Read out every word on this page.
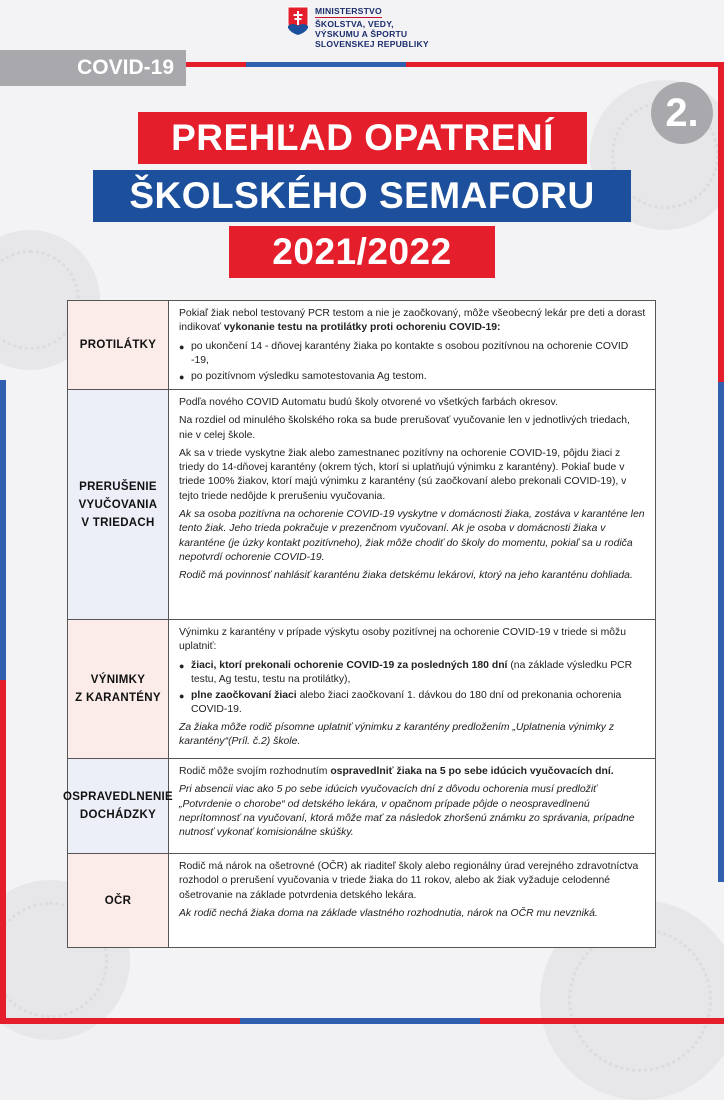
MINISTERSTVO
ŠKOLSTVA, VEDY,
VÝSKUMU A ŠPORTU
SLOVENSKEJ REPUBLIKY
COVID-19
2.
PREHĽAD OPATRENÍ
ŠKOLSKÉHO SEMAFORU
2021/2022
PROTILÁTKY

Pokiaľ žiak nebol testovaný PCR testom a nie je zaočkovaný, môže všeobecný lekár pre deti a dorast indikovať vykonanie testu na protilátky proti ochoreniu COVID-19:

● po ukončení 14 - dňovej karantény žiaka po kontakte s osobou pozitívnou na ochorenie COVID -19,
● po pozitívnom výsledku samotestovania Ag testom.
PRERUŠENIE
VYUČOVANIA
V TRIEDACH

Podľa nového COVID Automatu budú školy otvorené vo všetkých farbách okresov.

Na rozdiel od minulého školského roka sa bude prerušovať vyučovanie len v jednotlivých triedach, nie v celej škole.

Ak sa v triede vyskytne žiak alebo zamestnanec pozitívny na ochorenie COVID-19, pôjdu žiaci z triedy do 14-dňovej karantény (okrem tých, ktorí si uplatňujú výnimku z karantény). Pokiaľ bude v triede 100% žiakov, ktorí majú výnimku z karantény (sú zaočkovaní alebo prekonali COVID-19), v tejto triede nedôjde k prerušeniu vyučovania.

Ak sa osoba pozitívna na ochorenie COVID-19 vyskytne v domácnosti žiaka, zostáva v karanténe len tento žiak. Jeho trieda pokračuje v prezenčnom vyučovaní. Ak je osoba v domácnosti žiaka v karanténe (je úzky kontakt pozitívneho), žiak môže chodiť do školy do momentu, pokiaľ sa u rodiča nepotvrdí ochorenie COVID-19.

Rodič má povinnosť nahlásiť karanténu žiaka detskému lekárovi, ktorý na jeho karanténu dohliada.

VÝNIMKY
Z KARANTÉNY

Výnimku z karantény v prípade výskytu osoby pozitívnej na ochorenie COVID-19 v triede si môžu uplatniť:

● žiaci, ktorí prekonali ochorenie COVID-19 za posledných 180 dní (na základe výsledku PCR testu, Ag testu, testu na protilátky),
● plne zaočkovaní žiaci alebo žiaci zaočkovaní 1. dávkou do 180 dní od prekonania ochorenia COVID-19.

Za žiaka môže rodič písomne uplatniť výnimku z karantény predložením „Uplatnenia výnimky z karantény“(Príl. č.2) škole.

OSPRAVEDLNENIE
DOCHÁDZKY

Rodič môže svojím rozhodnutím ospravedlniť žiaka na 5 po sebe idúcich vyučovacích dní.

Pri absencii viac ako 5 po sebe idúcich vyučovacích dní z dôvodu ochorenia musí predložiť „Potvrdenie o chorobe“ od detského lekára, v opačnom prípade pôjde o neospravedlnenú neprítomnosť na vyučovaní, ktorá môže mať za následok zhoršenú známku zo správania, prípadne nutnosť vykonať komisionálne skúšky.

OČR

Rodič má nárok na ošetrovné (OČR) ak riaditeľ školy alebo regionálny úrad verejného zdravotníctva rozhodol o prerušení vyučovania v triede žiaka do 11 rokov, alebo ak žiak vyžaduje celodenné ošetrovanie na základe potvrdenia detského lekára.

Ak rodič nechá žiaka doma na základe vlastného rozhodnutia, nárok na OČR mu nevzniká.
